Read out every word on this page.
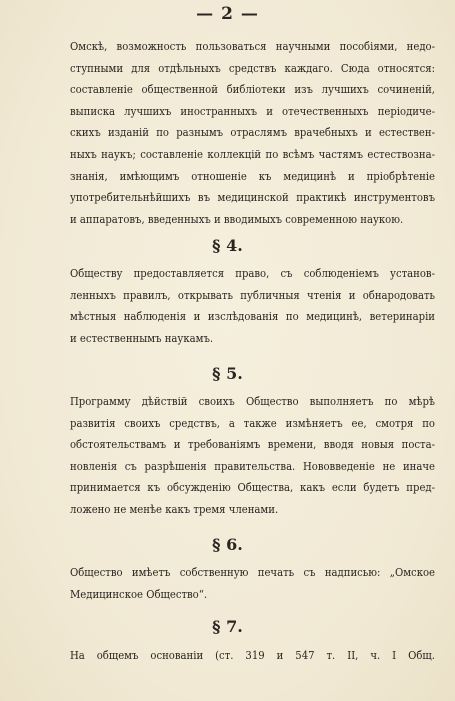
— 2 —
Омскѣ, возможность пользоваться научными пособіями, недо-
ступными для отдѣльныхъ средствъ каждаго. Сюда относятся:
составленіе общественной библіотеки изъ лучшихъ сочиненій,
выписка лучшихъ иностранныхъ и отечественныхъ періодиче-
скихъ изданій по разнымъ отраслямъ врачебныхъ и естествен-
ныхъ наукъ; составленіе коллекцій по всѣмъ частямъ естествозна-
знанія, имѣющимъ отношеніе къ медицинѣ и пріобрѣтеніе
употребительнѣйшихъ въ медицинской практикѣ инструментовъ
и аппаратовъ, введенныхъ и вводимыхъ современною наукою.
§ 4.
Обществу предоставляется право, съ соблюденіемъ установ-
ленныхъ правилъ, открывать публичныя чтенія и обнародовать
мѣстныя наблюденія и изслѣдованія по медицинѣ, ветеринаріи
и естественнымъ наукамъ.
§ 5.
Программу дѣйствій своихъ Общество выполняетъ по мѣрѣ
развитія своихъ средствъ, а также измѣняетъ ее, смотря по
обстоятельствамъ и требованіямъ времени, вводя новыя поста-
новленія съ разрѣшенія правительства. Нововведеніе не иначе
принимается къ обсужденію Общества, какъ если будетъ пред-
ложено не менѣе какъ тремя членами.
§ 6.
Общество имѣетъ собственную печать съ надписью: „Омское
Медицинское Общество“.
§ 7.
На общемъ основаніи (ст. 319 и 547 т. II, ч. I Общ.
